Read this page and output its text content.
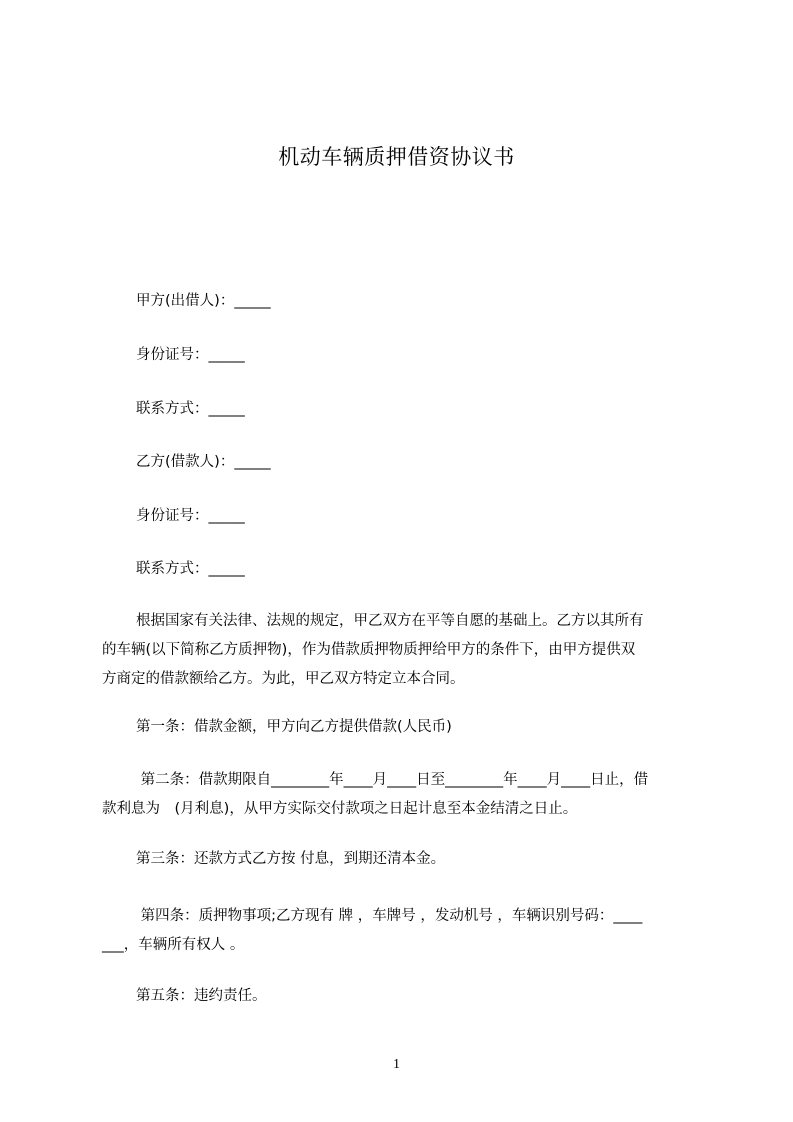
机动车辆质押借资协议书
甲方(出借人)：_____
身份证号：_____
联系方式：_____
乙方(借款人)：_____
身份证号：_____
联系方式：_____
根据国家有关法律、法规的规定，甲乙双方在平等自愿的基础上。乙方以其所有
的车辆(以下简称乙方质押物)，作为借款质押物质押给甲方的条件下，由甲方提供双
方商定的借款额给乙方。为此，甲乙双方特定立本合同。
第一条：借款金额，甲方向乙方提供借款(人民币)
第二条：借款期限自________年____月____日至________年____月____日止，借
款利息为　(月利息)，从甲方实际交付款项之日起计息至本金结清之日止。
第三条：还款方式乙方按 付息，到期还清本金。
第四条：质押物事项;乙方现有 牌 ，车牌号 ，发动机号 ，车辆识别号码：____
___，车辆所有权人 。
第五条：违约责任。
1
